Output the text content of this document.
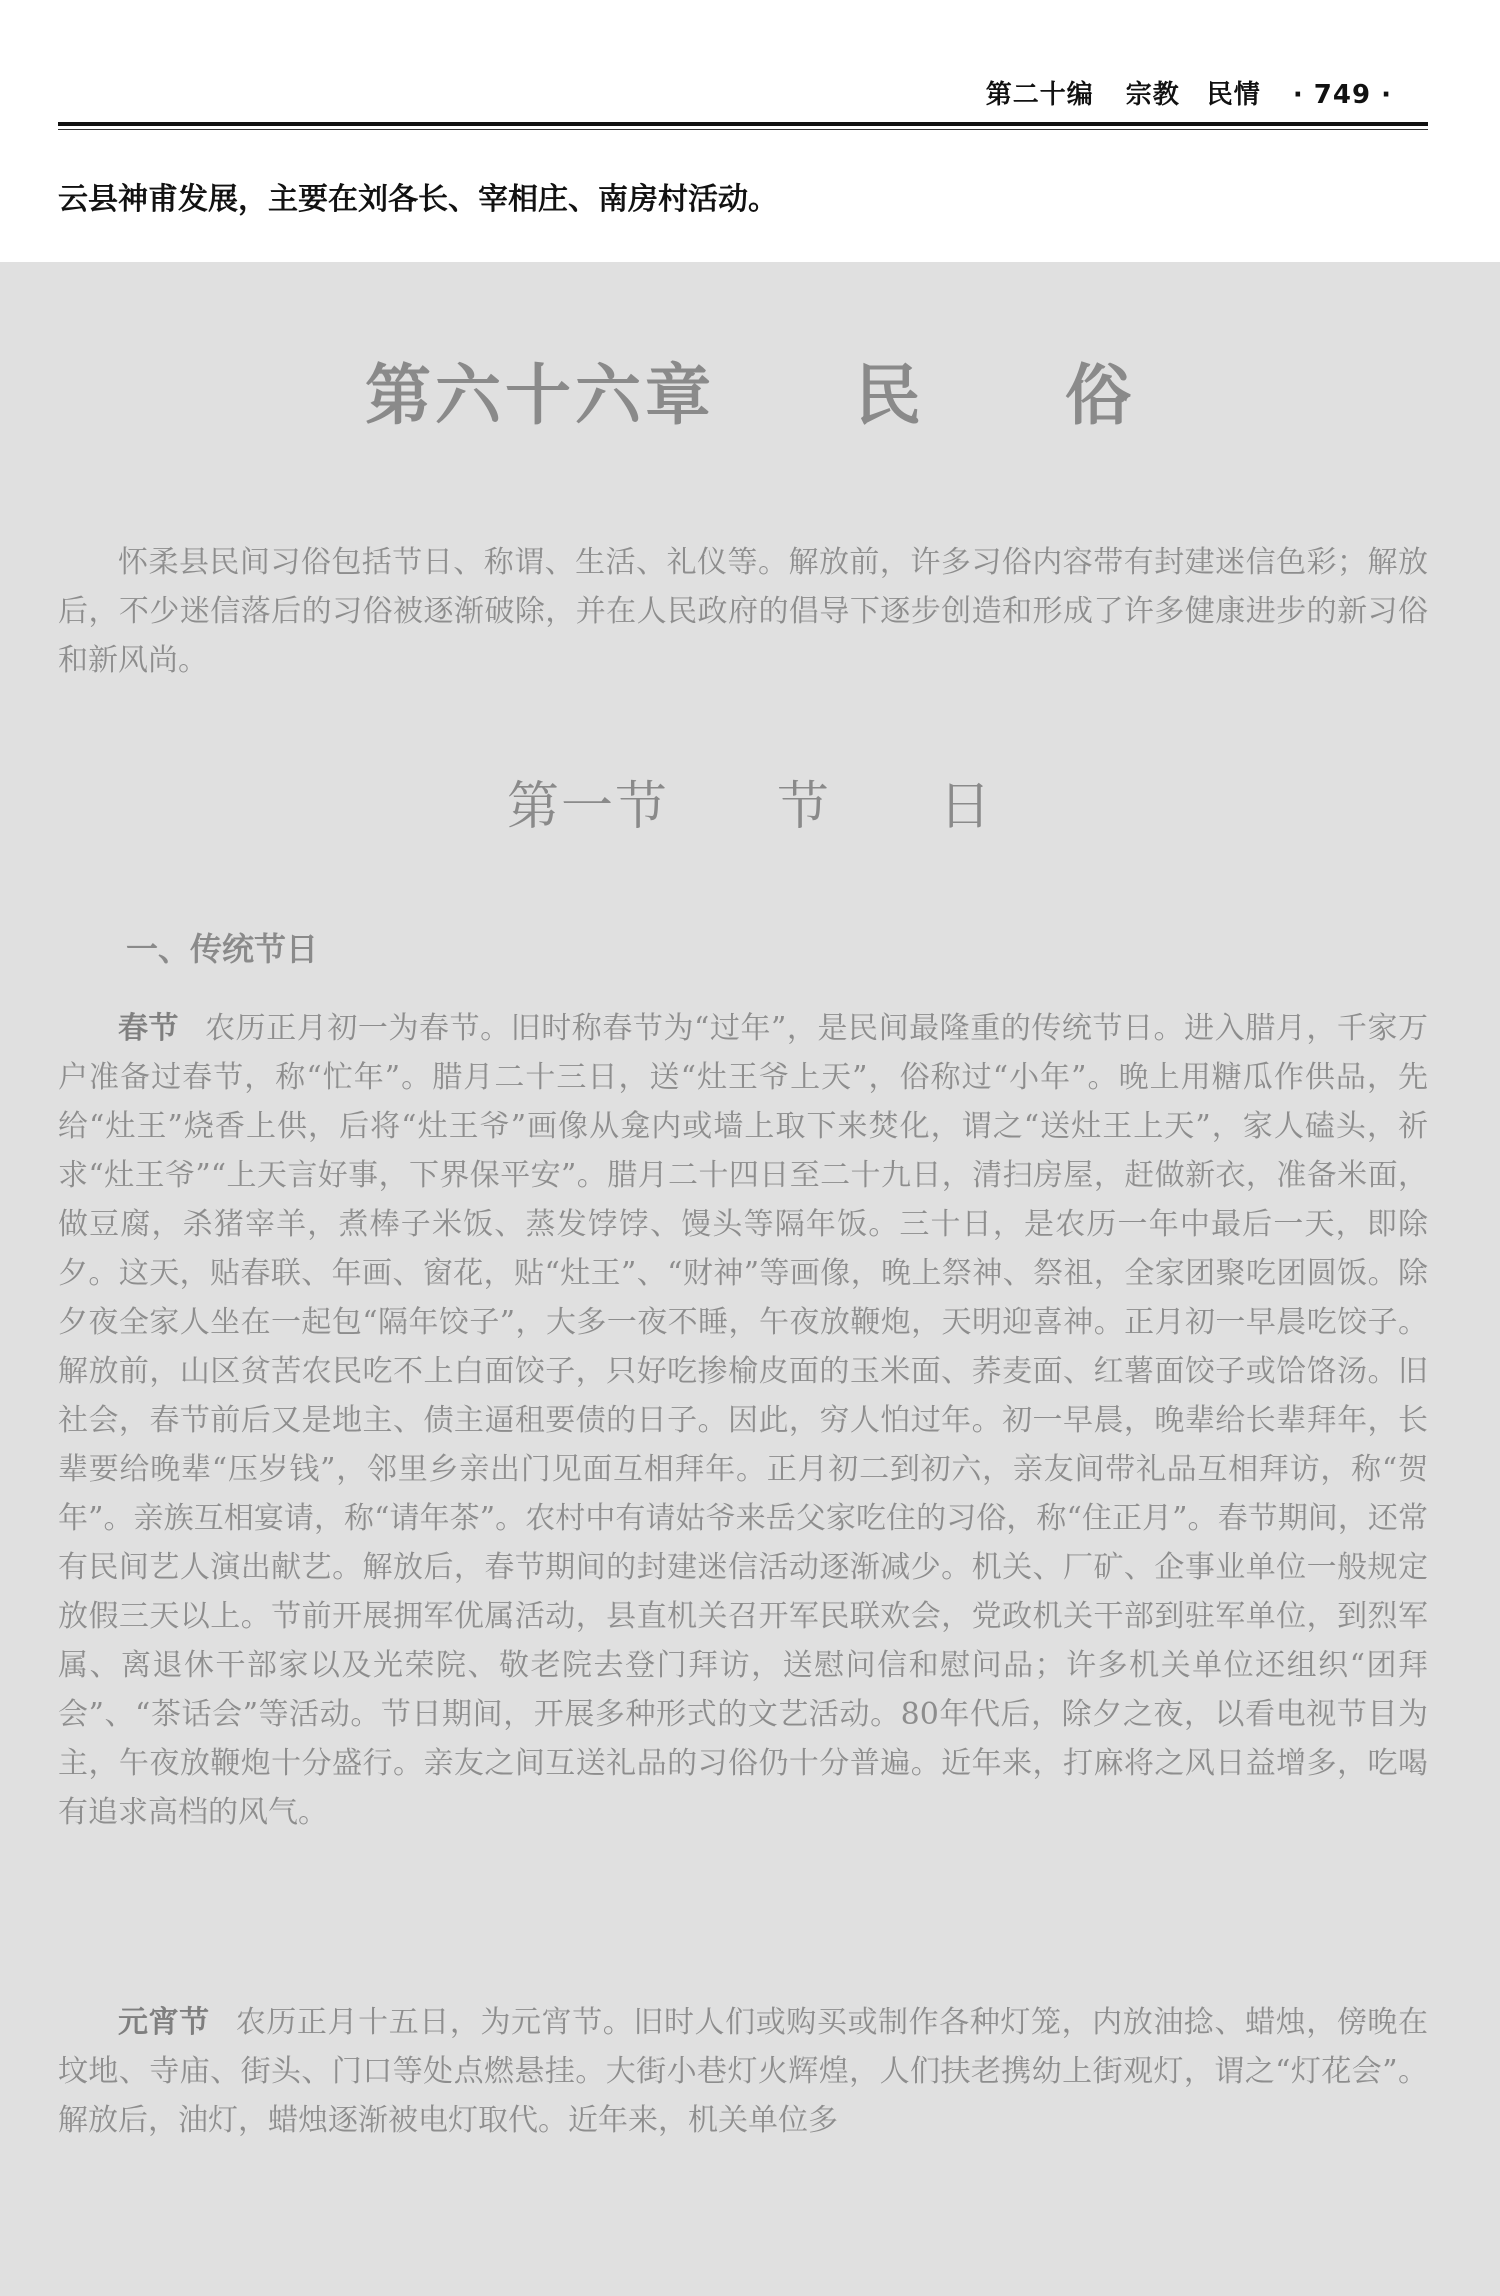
第二十编 宗教　民情 · 749 ·
云县神甫发展，主要在刘各长、宰相庄、南房村活动。
第六十六章　　民　　俗

怀柔县民间习俗包括节日、称谓、生活、礼仪等。解放前，许多习俗内容带有封建迷信色彩；解放后，不少迷信落后的习俗被逐渐破除，并在人民政府的倡导下逐步创造和形成了许多健康进步的新习俗和新风尚。

第一节　　节　　日
一、传统节日

春节 农历正月初一为春节。旧时称春节为“过年”，是民间最隆重的传统节日。进入腊月，千家万户准备过春节，称“忙年”。腊月二十三日，送“灶王爷上天”，俗称过“小年”。晚上用糖瓜作供品，先给“灶王”烧香上供，后将“灶王爷”画像从龛内或墙上取下来焚化，谓之“送灶王上天”，家人磕头，祈求“灶王爷”“上天言好事，下界保平安”。腊月二十四日至二十九日，清扫房屋，赶做新衣，准备米面，做豆腐，杀猪宰羊，煮棒子米饭、蒸发饽饽、馒头等隔年饭。三十日，是农历一年中最后一天，即除夕。这天，贴春联、年画、窗花，贴“灶王”、“财神”等画像，晚上祭神、祭祖，全家团聚吃团圆饭。除夕夜全家人坐在一起包“隔年饺子”，大多一夜不睡，午夜放鞭炮，天明迎喜神。正月初一早晨吃饺子。解放前，山区贫苦农民吃不上白面饺子，只好吃掺榆皮面的玉米面、荞麦面、红薯面饺子或饸饹汤。旧社会，春节前后又是地主、债主逼租要债的日子。因此，穷人怕过年。初一早晨，晚辈给长辈拜年，长辈要给晚辈“压岁钱”，邻里乡亲出门见面互相拜年。正月初二到初六，亲友间带礼品互相拜访，称“贺年”。亲族互相宴请，称“请年茶”。农村中有请姑爷来岳父家吃住的习俗，称“住正月”。春节期间，还常有民间艺人演出献艺。解放后，春节期间的封建迷信活动逐渐减少。机关、厂矿、企事业单位一般规定放假三天以上。节前开展拥军优属活动，县直机关召开军民联欢会，党政机关干部到驻军单位，到烈军属、离退休干部家以及光荣院、敬老院去登门拜访，送慰问信和慰问品；许多机关单位还组织“团拜会”、“茶话会”等活动。节日期间，开展多种形式的文艺活动。80年代后，除夕之夜，以看电视节目为主，午夜放鞭炮十分盛行。亲友之间互送礼品的习俗仍十分普遍。近年来，打麻将之风日益增多，吃喝有追求高档的风气。

元宵节 农历正月十五日，为元宵节。旧时人们或购买或制作各种灯笼，内放油捻、蜡烛，傍晚在坟地、寺庙、街头、门口等处点燃悬挂。大街小巷灯火辉煌，人们扶老携幼上街观灯，谓之“灯花会”。解放后，油灯，蜡烛逐渐被电灯取代。近年来，机关单位多
